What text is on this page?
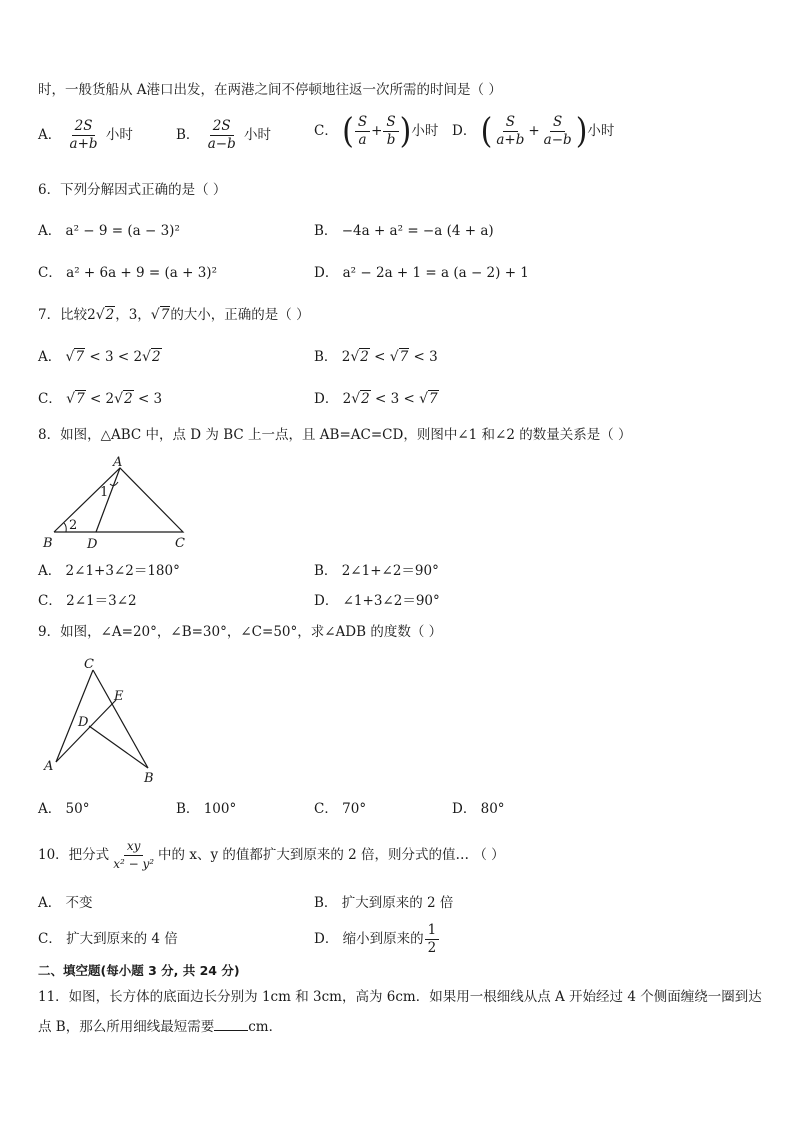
时，一般货船从 A港口出发，在两港之间不停顿地往返一次所需的时间是（ ）
A． $\frac{2S}{a+b}$ 小时	B． $\frac{2S}{a-b}$ 小时	C． ( $\frac{S}{a} + \frac{S}{b}$ )小时 D． ( $\frac{S}{a+b} + \frac{S}{a-b}$ )小时
6．下列分解因式正确的是（ ）
A． a² − 9 = (a − 3)²	B． −4a + a² = −a (4 + a)
C． a² + 6a + 9 = (a + 3)²	D． a² − 2a + 1 = a (a − 2) + 1
7．比较2√2，3，√7的大小，正确的是（ ）
A． √7 < 3 < 2√2	B． 2√2 < √7 < 3
C． √7 < 2√2 < 3	D． 2√2 < 3 < √7
8．如图，△ABC 中，点 D 为 BC 上一点，且 AB=AC=CD，则图中∠1 和∠2 的数量关系是（ ）
A
B	C
D
1
2
A． 2∠1+3∠2＝180°	B． 2∠1+∠2＝90°
C． 2∠1＝3∠2	D． ∠1+3∠2＝90°
9．如图，∠A=20°，∠B=30°，∠C=50°，求∠ADB 的度数（ ）
C
E
D
A
B
A． 50°	B． 100°	C． 70°	D． 80°
10．把分式 $\frac{xy}{\text{x² − y²}}$ 中的 x、y 的值都扩大到原来的 2 倍，则分式的值… （ ）
A． 不变	B． 扩大到原来的 2 倍
C． 扩大到原来的 4 倍	D． 缩小到原来的 $\frac{1}{2}$
二、填空题(每小题 3 分, 共 24 分)
11．如图，长方体的底面边长分别为 1cm 和 3cm，高为 6cm．如果用一根细线从点 A 开始经过 4 个侧面缠绕一圈到达
点 B，那么所用细线最短需要	cm．
